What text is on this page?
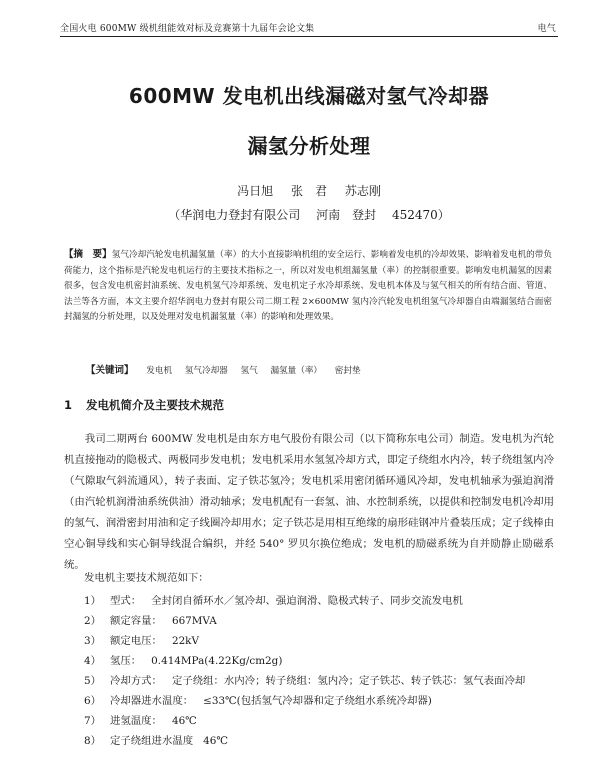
全国火电 600MW 级机组能效对标及竞赛第十九届年会论文集	电气
600MW 发电机出线漏磁对氢气冷却器
漏氢分析处理
冯日旭 张　君 苏志刚
（华润电力登封有限公司 河南　登封 452470）
【摘　要】氢气冷却汽轮发电机漏氢量（率）的大小直接影响机组的安全运行、影响着发电机的冷却效果、影响着发电机的带负荷能力，这个指标是汽轮发电机运行的主要技术指标之一，所以对发电机组漏氢量（率）的控制很重要。影响发电机漏氢的因素很多，包含发电机密封油系统、发电机氢气冷却系统、发电机定子水冷却系统、发电机本体及与氢气相关的所有结合面、管道、法兰等各方面，本文主要介绍华润电力登封有限公司二期工程 2×600MW 氢内冷汽轮发电机组氢气冷却器自由端漏氢结合面密封漏氢的分析处理，以及处理对发电机漏氢量（率）的影响和处理效果。
【关键词】 发电机 氢气冷却器 氢气 漏氢量（率） 密封垫
1 发电机简介及主要技术规范
我司二期两台 600MW 发电机是由东方电气股份有限公司（以下简称东电公司）制造。发电机为汽轮机直接拖动的隐极式、两极同步发电机；发电机采用水氢氢冷却方式，即定子绕组水内冷，转子绕组氢内冷（气隙取气斜流通风），转子表面、定子铁芯氢冷；发电机采用密闭循环通风冷却，发电机轴承为强迫润滑（由汽轮机润滑油系统供油）滑动轴承；发电机配有一套氢、油、水控制系统，以提供和控制发电机冷却用的氢气、润滑密封用油和定子线圈冷却用水；定子铁芯是用相互绝缘的扇形硅钢冲片叠装压成；定子线棒由空心铜导线和实心铜导线混合编织，并经 540° 罗贝尔换位绝成；发电机的励磁系统为自并励静止励磁系统。
发电机主要技术规范如下：
1） 型式： 全封闭自循环水／氢冷却、强迫润滑、隐极式转子、同步交流发电机
2） 额定容量： 667MVA
3） 额定电压： 22kV
4） 氢压： 0.414MPa(4.22Kg/cm2g)
5） 冷却方式： 定子绕组：水内冷；转子绕组：氢内冷；定子铁芯、转子铁芯：氢气表面冷却
6） 冷却器进水温度： ≤33℃(包括氢气冷却器和定子绕组水系统冷却器)
7） 进氢温度： 46℃
8） 定子绕组进水温度 46℃
